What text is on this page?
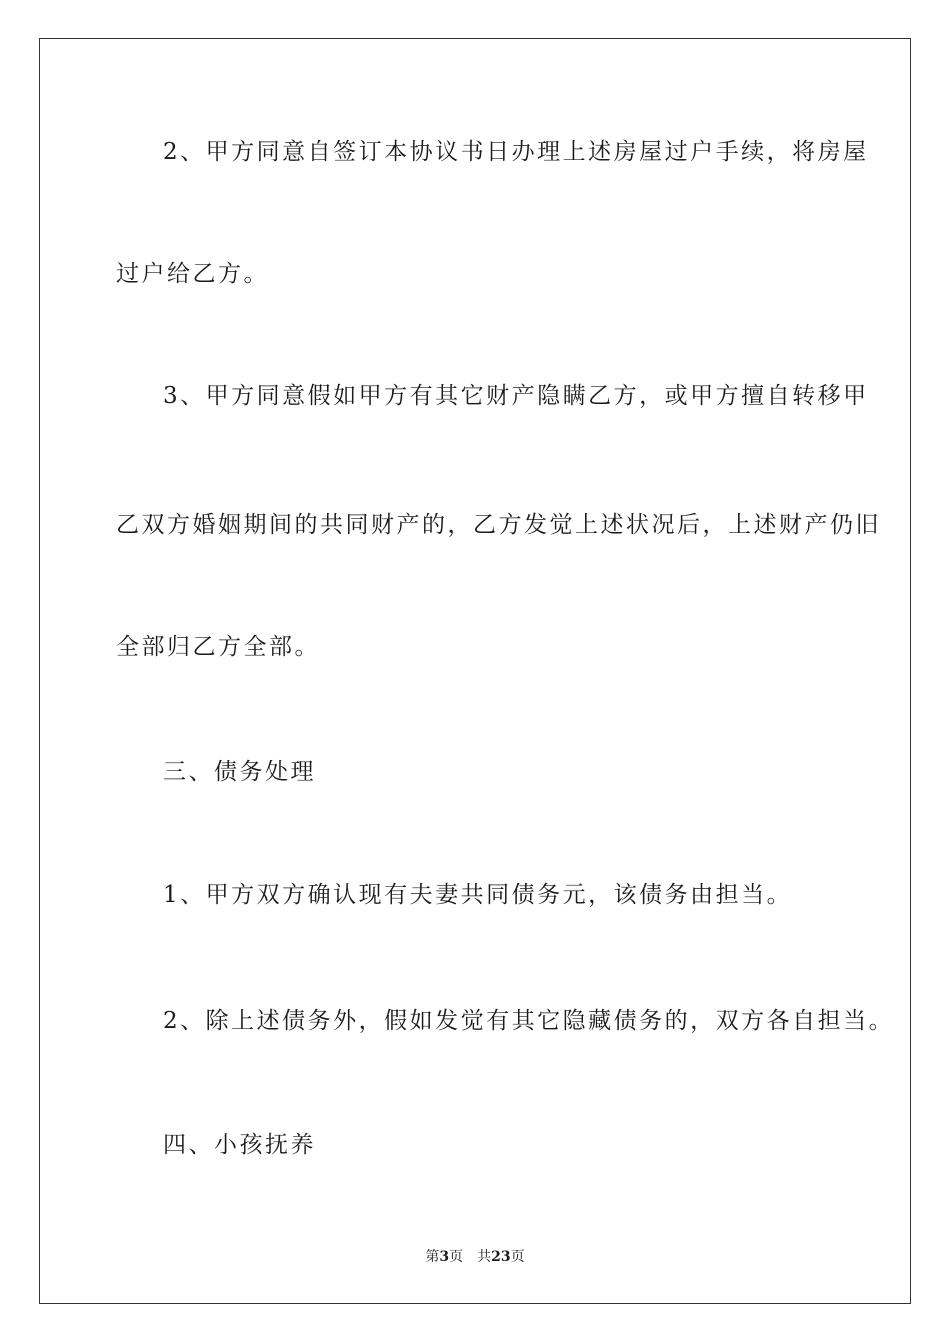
2、甲方同意自签订本协议书日办理上述房屋过户手续，将房屋
过户给乙方。
3、甲方同意假如甲方有其它财产隐瞒乙方，或甲方擅自转移甲
乙双方婚姻期间的共同财产的，乙方发觉上述状况后，上述财产仍旧
全部归乙方全部。
三、债务处理
1、甲方双方确认现有夫妻共同债务元，该债务由担当。
2、除上述债务外，假如发觉有其它隐藏债务的，双方各自担当。
四、小孩抚养
第3页 共23页
